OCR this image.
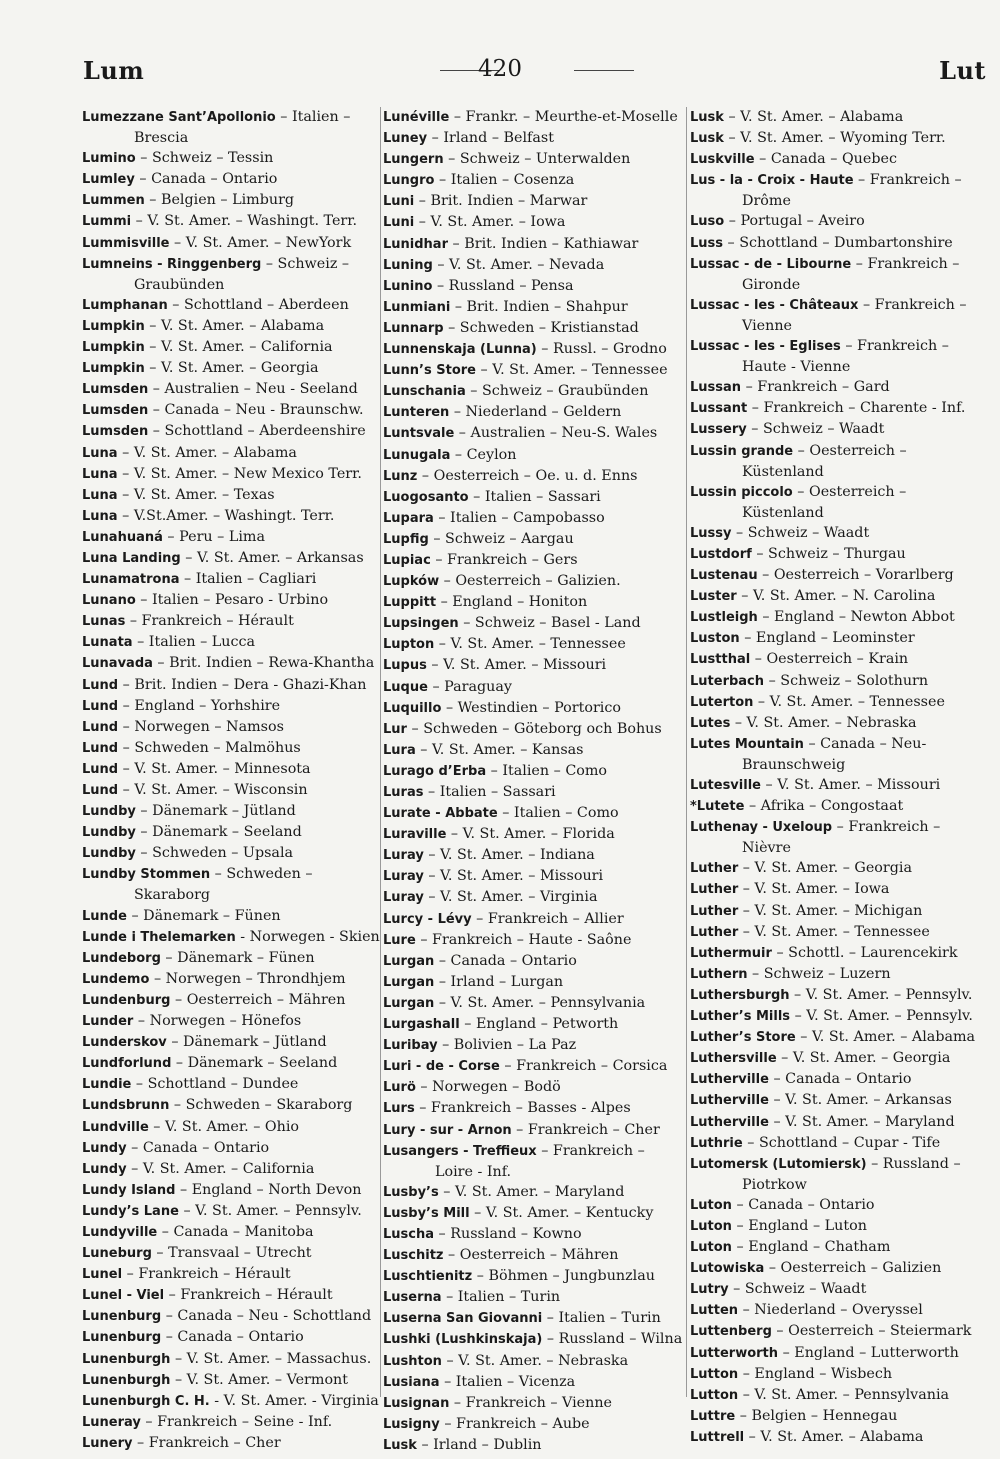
Lum	420	Lut
Lumezzane Sant’Apollonio – Italien –
Brescia
Lumino – Schweiz – Tessin
Lumley – Canada – Ontario
Lummen – Belgien – Limburg
Lummi – V. St. Amer. – Washingt. Terr.
Lummisville – V. St. Amer. – NewYork
Lumneins - Ringgenberg – Schweiz –
Graubünden
Lumphanan – Schottland – Aberdeen
Lumpkin – V. St. Amer. – Alabama
Lumpkin – V. St. Amer. – California
Lumpkin – V. St. Amer. – Georgia
Lumsden – Australien – Neu - Seeland
Lumsden – Canada – Neu - Braunschw.
Lumsden – Schottland – Aberdeenshire
Luna – V. St. Amer. – Alabama
Luna – V. St. Amer. – New Mexico Terr.
Luna – V. St. Amer. – Texas
Luna – V.St.Amer. – Washingt. Terr.
Lunahuaná – Peru – Lima
Luna Landing – V. St. Amer. – Arkansas
Lunamatrona – Italien – Cagliari
Lunano – Italien – Pesaro - Urbino
Lunas – Frankreich – Hérault
Lunata – Italien – Lucca
Lunavada – Brit. Indien – Rewa-Khantha
Lund – Brit. Indien – Dera - Ghazi-Khan
Lund – England – Yorhshire
Lund – Norwegen – Namsos
Lund – Schweden – Malmöhus
Lund – V. St. Amer. – Minnesota
Lund – V. St. Amer. – Wisconsin
Lundby – Dänemark – Jütland
Lundby – Dänemark – Seeland
Lundby – Schweden – Upsala
Lundby Stommen – Schweden –
Skaraborg
Lunde – Dänemark – Fünen
Lunde i Thelemarken - Norwegen - Skien
Lundeborg – Dänemark – Fünen
Lundemo – Norwegen – Throndhjem
Lundenburg – Oesterreich – Mähren
Lunder – Norwegen – Hönefos
Lunderskov – Dänemark – Jütland
Lundforlund – Dänemark – Seeland
Lundie – Schottland – Dundee
Lundsbrunn – Schweden – Skaraborg
Lundville – V. St. Amer. – Ohio
Lundy – Canada – Ontario
Lundy – V. St. Amer. – California
Lundy Island – England – North Devon
Lundy’s Lane – V. St. Amer. – Pennsylv.
Lundyville – Canada – Manitoba
Luneburg – Transvaal – Utrecht
Lunel – Frankreich – Hérault
Lunel - Viel – Frankreich – Hérault
Lunenburg – Canada – Neu - Schottland
Lunenburg – Canada – Ontario
Lunenburgh – V. St. Amer. – Massachus.
Lunenburgh – V. St. Amer. – Vermont
Lunenburgh C. H. - V. St. Amer. - Virginia
Luneray – Frankreich – Seine - Inf.
Lunery – Frankreich – Cher
Lunéville – Frankr. – Meurthe-et-Moselle
Luney – Irland – Belfast
Lungern – Schweiz – Unterwalden
Lungro – Italien – Cosenza
Luni – Brit. Indien – Marwar
Luni – V. St. Amer. – Iowa
Lunidhar – Brit. Indien – Kathiawar
Luning – V. St. Amer. – Nevada
Lunino – Russland – Pensa
Lunmiani – Brit. Indien – Shahpur
Lunnarp – Schweden – Kristianstad
Lunnenskaja (Lunna) – Russl. – Grodno
Lunn’s Store – V. St. Amer. – Tennessee
Lunschania – Schweiz – Graubünden
Lunteren – Niederland – Geldern
Luntsvale – Australien – Neu-S. Wales
Lunugala – Ceylon
Lunz – Oesterreich – Oe. u. d. Enns
Luogosanto – Italien – Sassari
Lupara – Italien – Campobasso
Lupfig – Schweiz – Aargau
Lupiac – Frankreich – Gers
Lupków – Oesterreich – Galizien.
Luppitt – England – Honiton
Lupsingen – Schweiz – Basel - Land
Lupton – V. St. Amer. – Tennessee
Lupus – V. St. Amer. – Missouri
Luque – Paraguay
Luquillo – Westindien – Portorico
Lur – Schweden – Göteborg och Bohus
Lura – V. St. Amer. – Kansas
Lurago d’Erba – Italien – Como
Luras – Italien – Sassari
Lurate - Abbate – Italien – Como
Luraville – V. St. Amer. – Florida
Luray – V. St. Amer. – Indiana
Luray – V. St. Amer. – Missouri
Luray – V. St. Amer. – Virginia
Lurcy - Lévy – Frankreich – Allier
Lure – Frankreich – Haute - Saône
Lurgan – Canada – Ontario
Lurgan – Irland – Lurgan
Lurgan – V. St. Amer. – Pennsylvania
Lurgashall – England – Petworth
Luribay – Bolivien – La Paz
Luri - de - Corse – Frankreich – Corsica
Lurö – Norwegen – Bodö
Lurs – Frankreich – Basses - Alpes
Lury - sur - Arnon – Frankreich – Cher
Lusangers - Treffieux – Frankreich –
Loire - Inf.
Lusby’s – V. St. Amer. – Maryland
Lusby’s Mill – V. St. Amer. – Kentucky
Luscha – Russland – Kowno
Luschitz – Oesterreich – Mähren
Luschtienitz – Böhmen – Jungbunzlau
Luserna – Italien – Turin
Luserna San Giovanni – Italien – Turin
Lushki (Lushkinskaja) – Russland – Wilna
Lushton – V. St. Amer. – Nebraska
Lusiana – Italien – Vicenza
Lusignan – Frankreich – Vienne
Lusigny – Frankreich – Aube
Lusk – Irland – Dublin
Lusk – V. St. Amer. – Alabama
Lusk – V. St. Amer. – Wyoming Terr.
Luskville – Canada – Quebec
Lus - la - Croix - Haute – Frankreich –
Drôme
Luso – Portugal – Aveiro
Luss – Schottland – Dumbartonshire
Lussac - de - Libourne – Frankreich –
Gironde
Lussac - les - Châteaux – Frankreich –
Vienne
Lussac - les - Eglises – Frankreich –
Haute - Vienne
Lussan – Frankreich – Gard
Lussant – Frankreich – Charente - Inf.
Lussery – Schweiz – Waadt
Lussin grande – Oesterreich –
Küstenland
Lussin piccolo – Oesterreich –
Küstenland
Lussy – Schweiz – Waadt
Lustdorf – Schweiz – Thurgau
Lustenau – Oesterreich – Vorarlberg
Luster – V. St. Amer. – N. Carolina
Lustleigh – England – Newton Abbot
Luston – England – Leominster
Lustthal – Oesterreich – Krain
Luterbach – Schweiz – Solothurn
Luterton – V. St. Amer. – Tennessee
Lutes – V. St. Amer. – Nebraska
Lutes Mountain – Canada – Neu-
Braunschweig
Lutesville – V. St. Amer. – Missouri
*Lutete – Afrika – Congostaat
Luthenay - Uxeloup – Frankreich –
Nièvre
Luther – V. St. Amer. – Georgia
Luther – V. St. Amer. – Iowa
Luther – V. St. Amer. – Michigan
Luther – V. St. Amer. – Tennessee
Luthermuir – Schottl. – Laurencekirk
Luthern – Schweiz – Luzern
Luthersburgh – V. St. Amer. – Pennsylv.
Luther’s Mills – V. St. Amer. – Pennsylv.
Luther’s Store – V. St. Amer. – Alabama
Luthersville – V. St. Amer. – Georgia
Lutherville – Canada – Ontario
Lutherville – V. St. Amer. – Arkansas
Lutherville – V. St. Amer. – Maryland
Luthrie – Schottland – Cupar - Tife
Lutomersk (Lutomiersk) – Russland –
Piotrkow
Luton – Canada – Ontario
Luton – England – Luton
Luton – England – Chatham
Lutowiska – Oesterreich – Galizien
Lutry – Schweiz – Waadt
Lutten – Niederland – Overyssel
Luttenberg – Oesterreich – Steiermark
Lutterworth – England – Lutterworth
Lutton – England – Wisbech
Lutton – V. St. Amer. – Pennsylvania
Luttre – Belgien – Hennegau
Luttrell – V. St. Amer. – Alabama
